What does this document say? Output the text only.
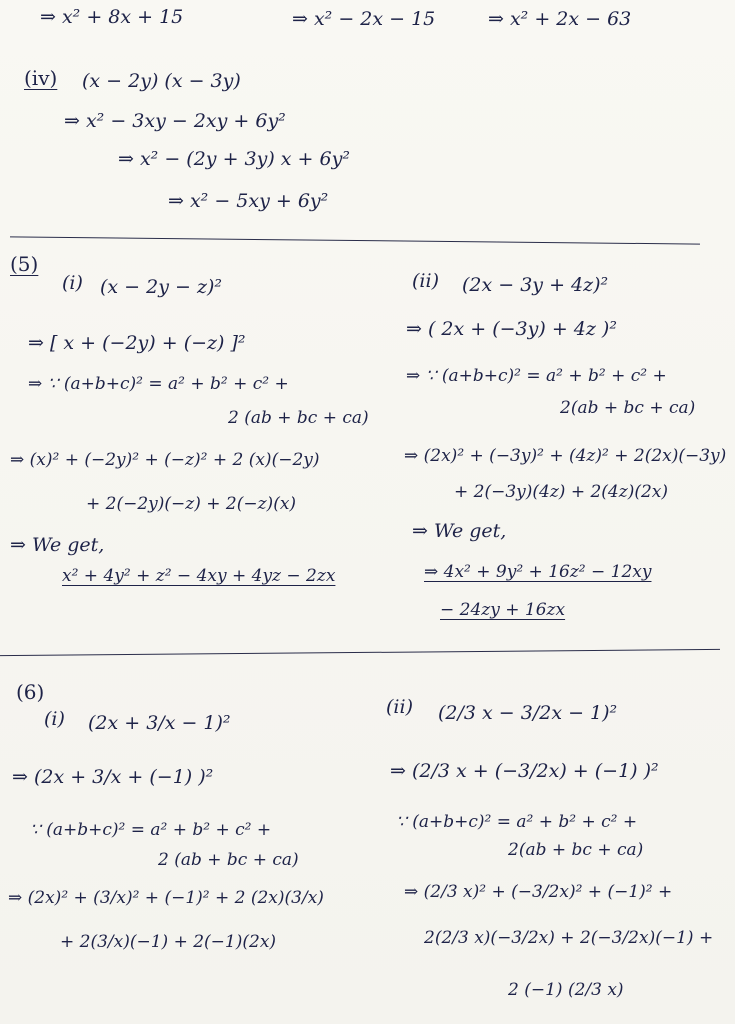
⇒ x² + 8x + 15	⇒ x² − 2x − 15	⇒ x² + 2x − 63
(iv) (x − 2y) (x − 3y)
⇒ x² − 3xy − 2xy + 6y²
⇒ x² − (2y + 3y) x + 6y²
⇒ x² − 5xy + 6y²
(5)
(i) (x − 2y − z)²
⇒ [ x + (−2y) + (−z) ]²
⇒ ∵ (a+b+c)² = a² + b² + c² +
2 (ab + bc + ca)
⇒ (x)² + (−2y)² + (−z)² + 2 (x)(−2y)
+ 2(−2y)(−z) + 2(−z)(x)
⇒ We get,
x² + 4y² + z² − 4xy + 4yz − 2zx
(ii) (2x − 3y + 4z)²
⇒ ( 2x + (−3y) + 4z )²
⇒ ∵ (a+b+c)² = a² + b² + c² +
2(ab + bc + ca)
⇒ (2x)² + (−3y)² + (4z)² + 2(2x)(−3y)
+ 2(−3y)(4z) + 2(4z)(2x)
⇒ We get,
⇒ 4x² + 9y² + 16z² − 12xy
− 24zy + 16zx
(6)
(i) (2x + 3/x − 1)²
⇒ (2x + 3/x + (−1) )²
∵ (a+b+c)² = a² + b² + c² +
2 (ab + bc + ca)
⇒ (2x)² + (3/x)² + (−1)² + 2 (2x)(3/x)
+ 2(3/x)(−1) + 2(−1)(2x)
(ii) (2/3 x − 3/2x − 1)²
⇒ (2/3 x + (−3/2x) + (−1) )²
∵ (a+b+c)² = a² + b² + c² +
2(ab + bc + ca)
⇒ (2/3 x)² + (−3/2x)² + (−1)² +
2(2/3 x)(−3/2x) + 2(−3/2x)(−1) +
2 (−1) (2/3 x)
